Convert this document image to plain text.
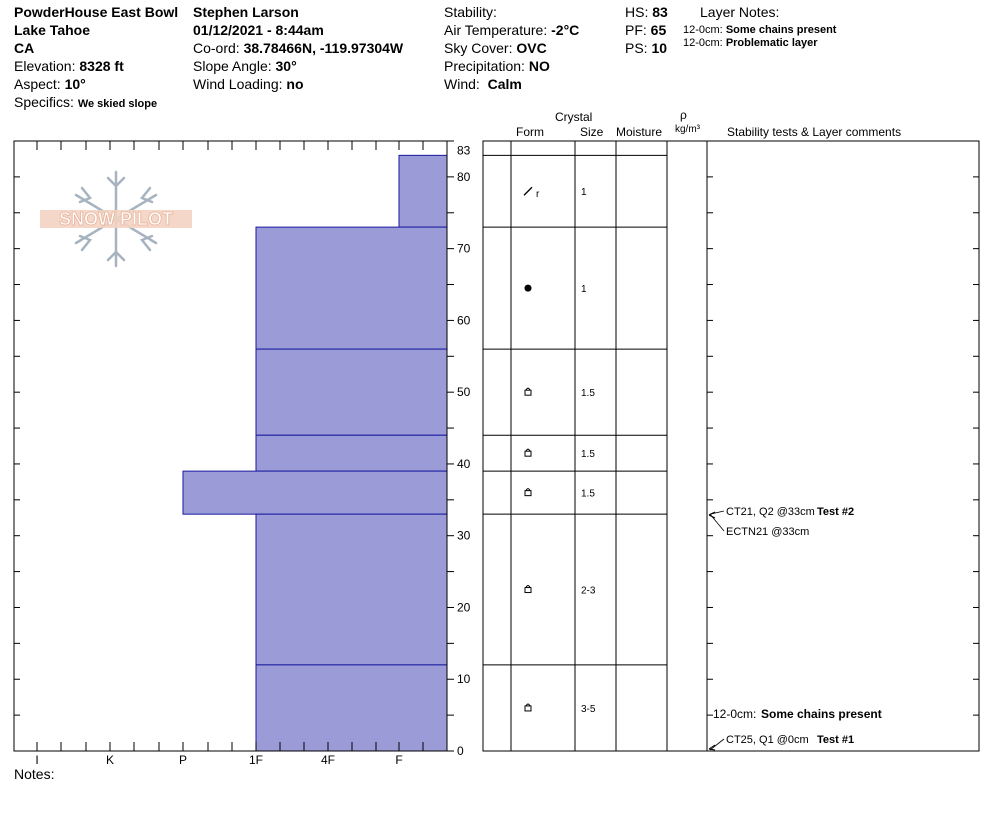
PowderHouse East Bowl
Lake Tahoe
CA
Elevation: 8328 ft
Aspect: 10°
Specifics: We skied slope
Stephen Larson
01/12/2021 - 8:44am
Co-ord: 38.78466N, -119.97304W
Slope Angle: 30°
Wind Loading: no
Stability:
Air Temperature: -2°C
Sky Cover: OVC
Precipitation: NO
Wind: Calm
HS: 83
PF: 65
PS: 10
Layer Notes:
12-0cm: Some chains present
12-0cm: Problematic layer
Crystal
Form	Size Moisture
ρ
kg/m³ Stability tests & Layer comments
Notes:
SNOW PILOT
0
10
20
30
40
50
60
70
80
83
I	K	P	1F	4F	F
r	1
1
1.5
1.5
1.5
2-3
3-5
CT21, Q2 @33cm Test #2
ECTN21 @33cm
CT25, Q1 @0cm Test #1
12-0cm: Some chains present
